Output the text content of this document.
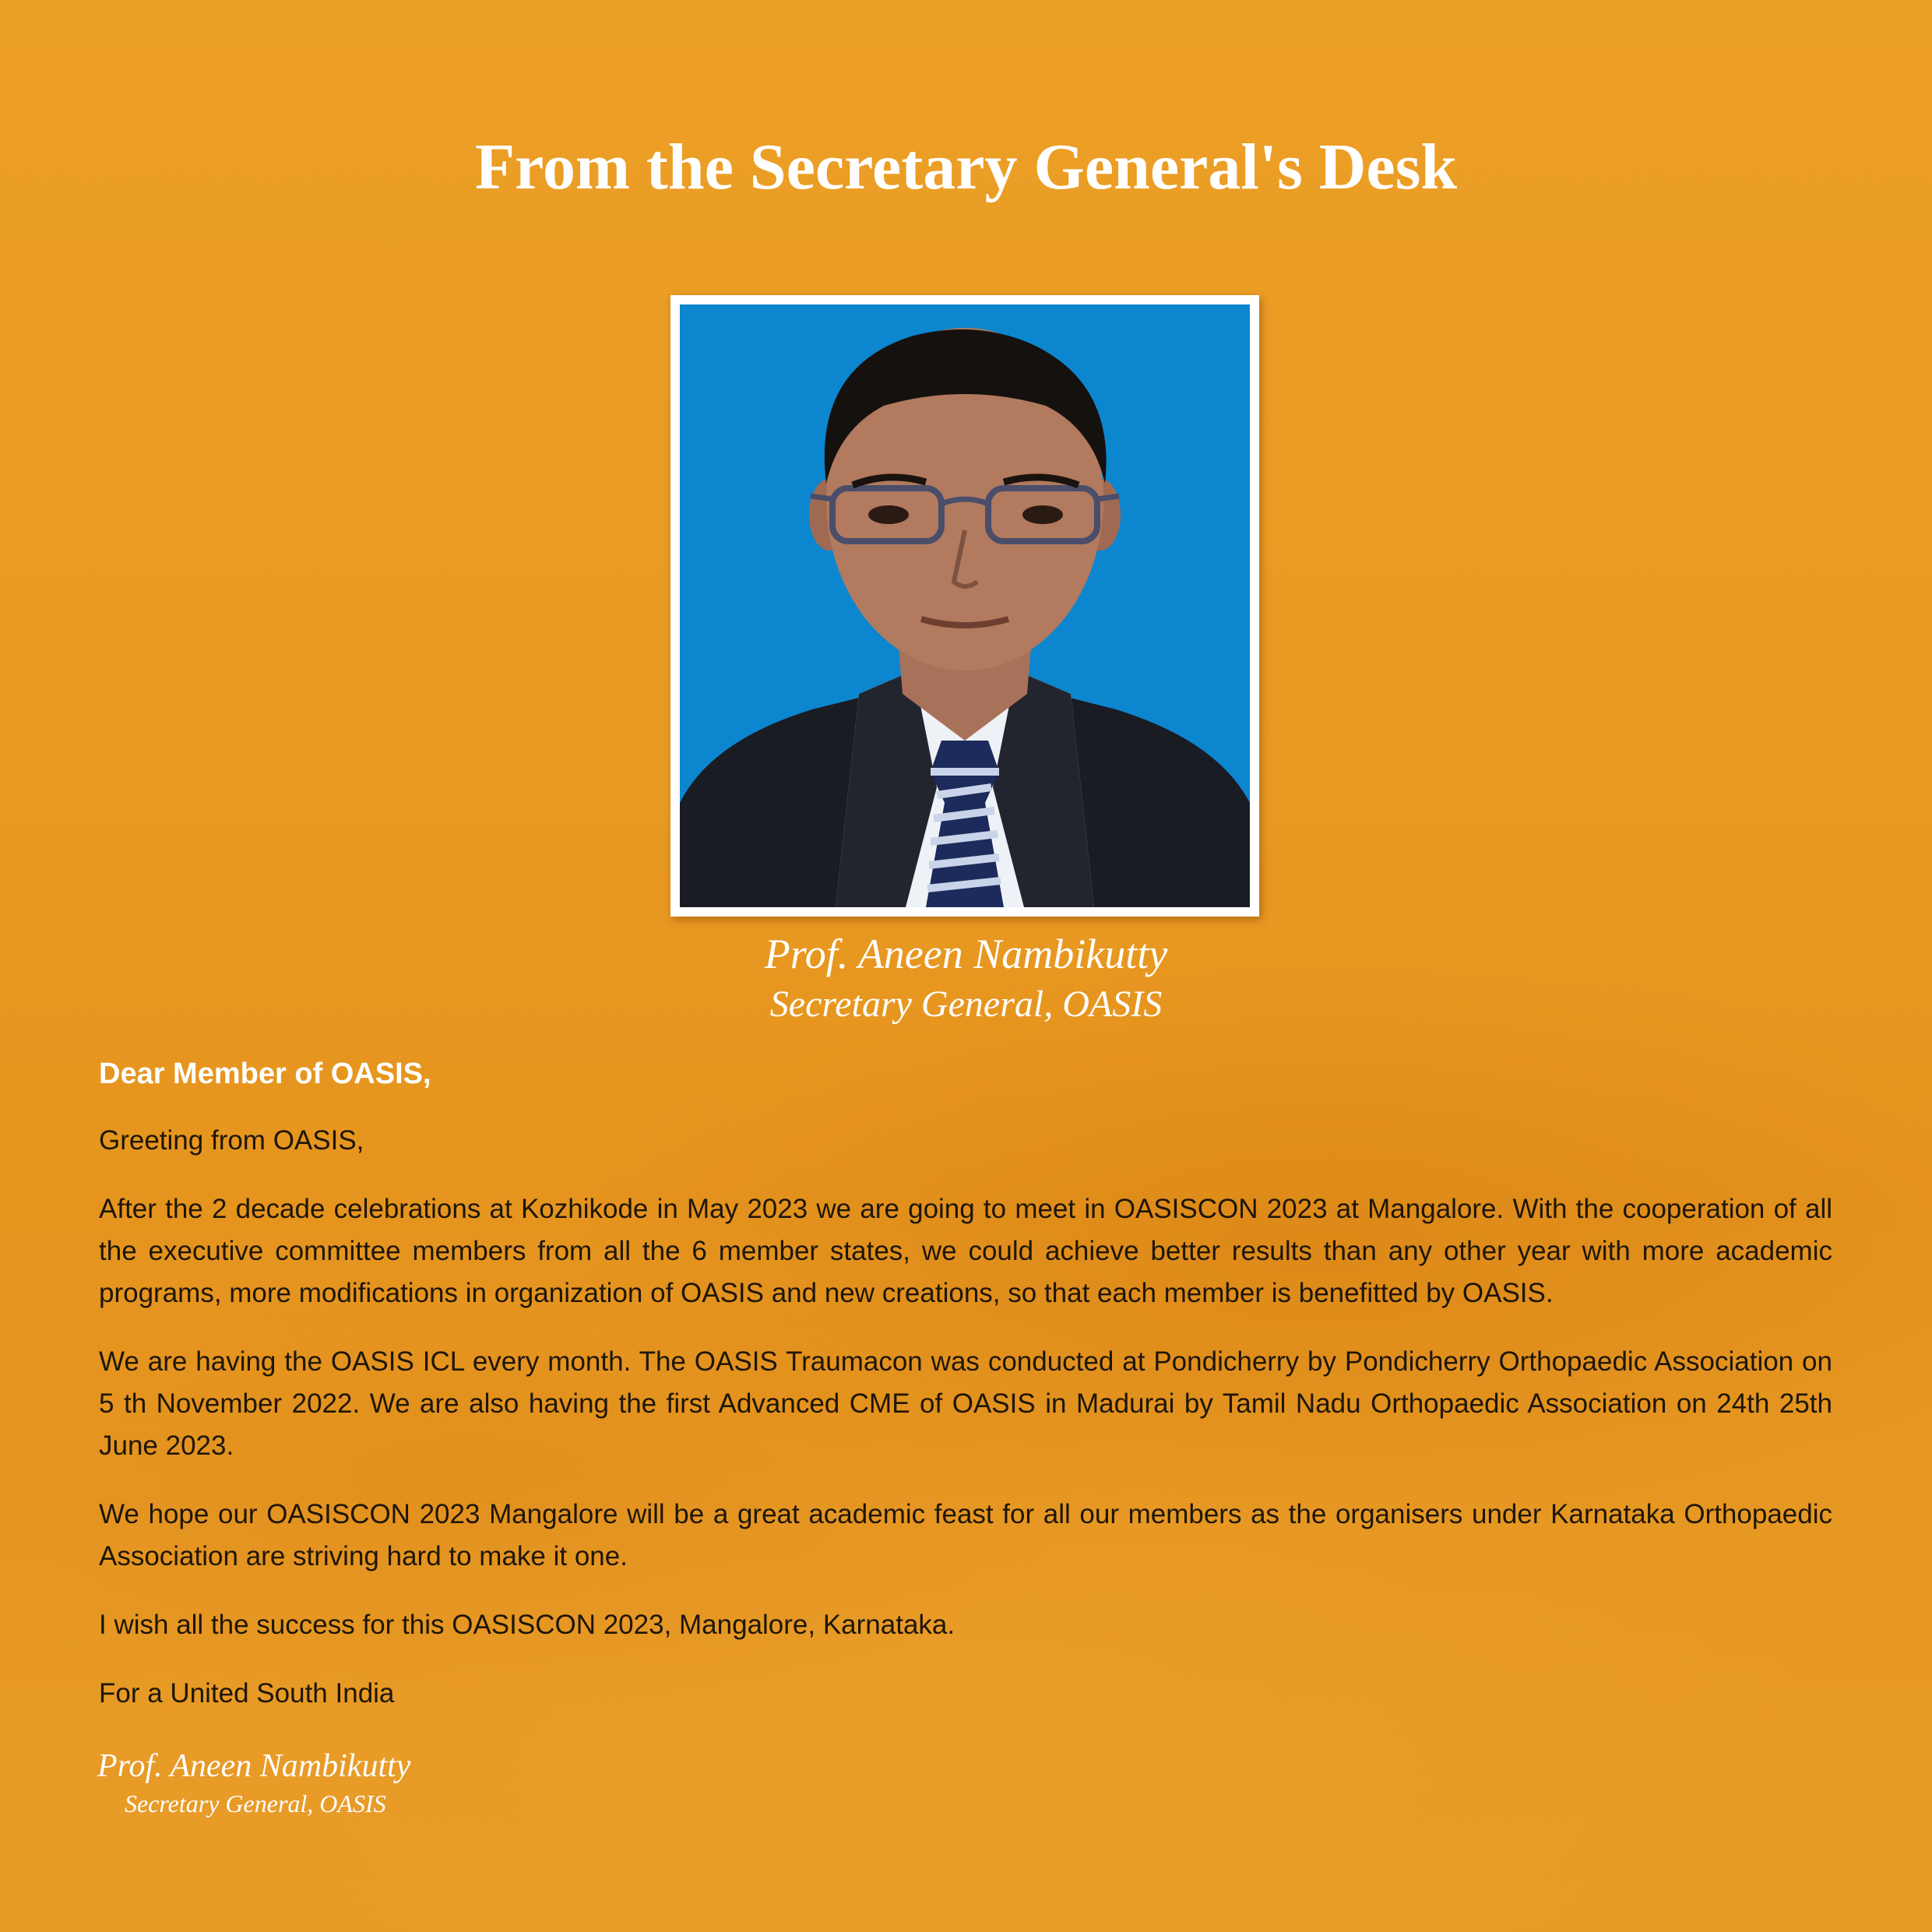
From the Secretary General's Desk
Prof. Aneen Nambikutty
Secretary General, OASIS

Dear Member of OASIS,

Greeting from OASIS,

After the 2 decade celebrations at Kozhikode in May 2023 we are going to meet in OASISCON 2023 at Mangalore. With the cooperation of all the executive committee members from all the 6 member states, we could achieve better results than any other year with more academic programs, more modifications in organization of OASIS and new creations, so that each member is benefitted by OASIS.

We are having the OASIS ICL every month. The OASIS Traumacon was conducted at Pondicherry by Pondicherry Orthopaedic Association on 5 th November 2022. We are also having the first Advanced CME of OASIS in Madurai by Tamil Nadu Orthopaedic Association on 24th 25th June 2023.

We hope our OASISCON 2023 Mangalore will be a great academic feast for all our members as the organisers under Karnataka Orthopaedic Association are striving hard to make it one.

I wish all the success for this OASISCON 2023, Mangalore, Karnataka.

For a United South India

Prof. Aneen Nambikutty
Secretary General, OASIS
